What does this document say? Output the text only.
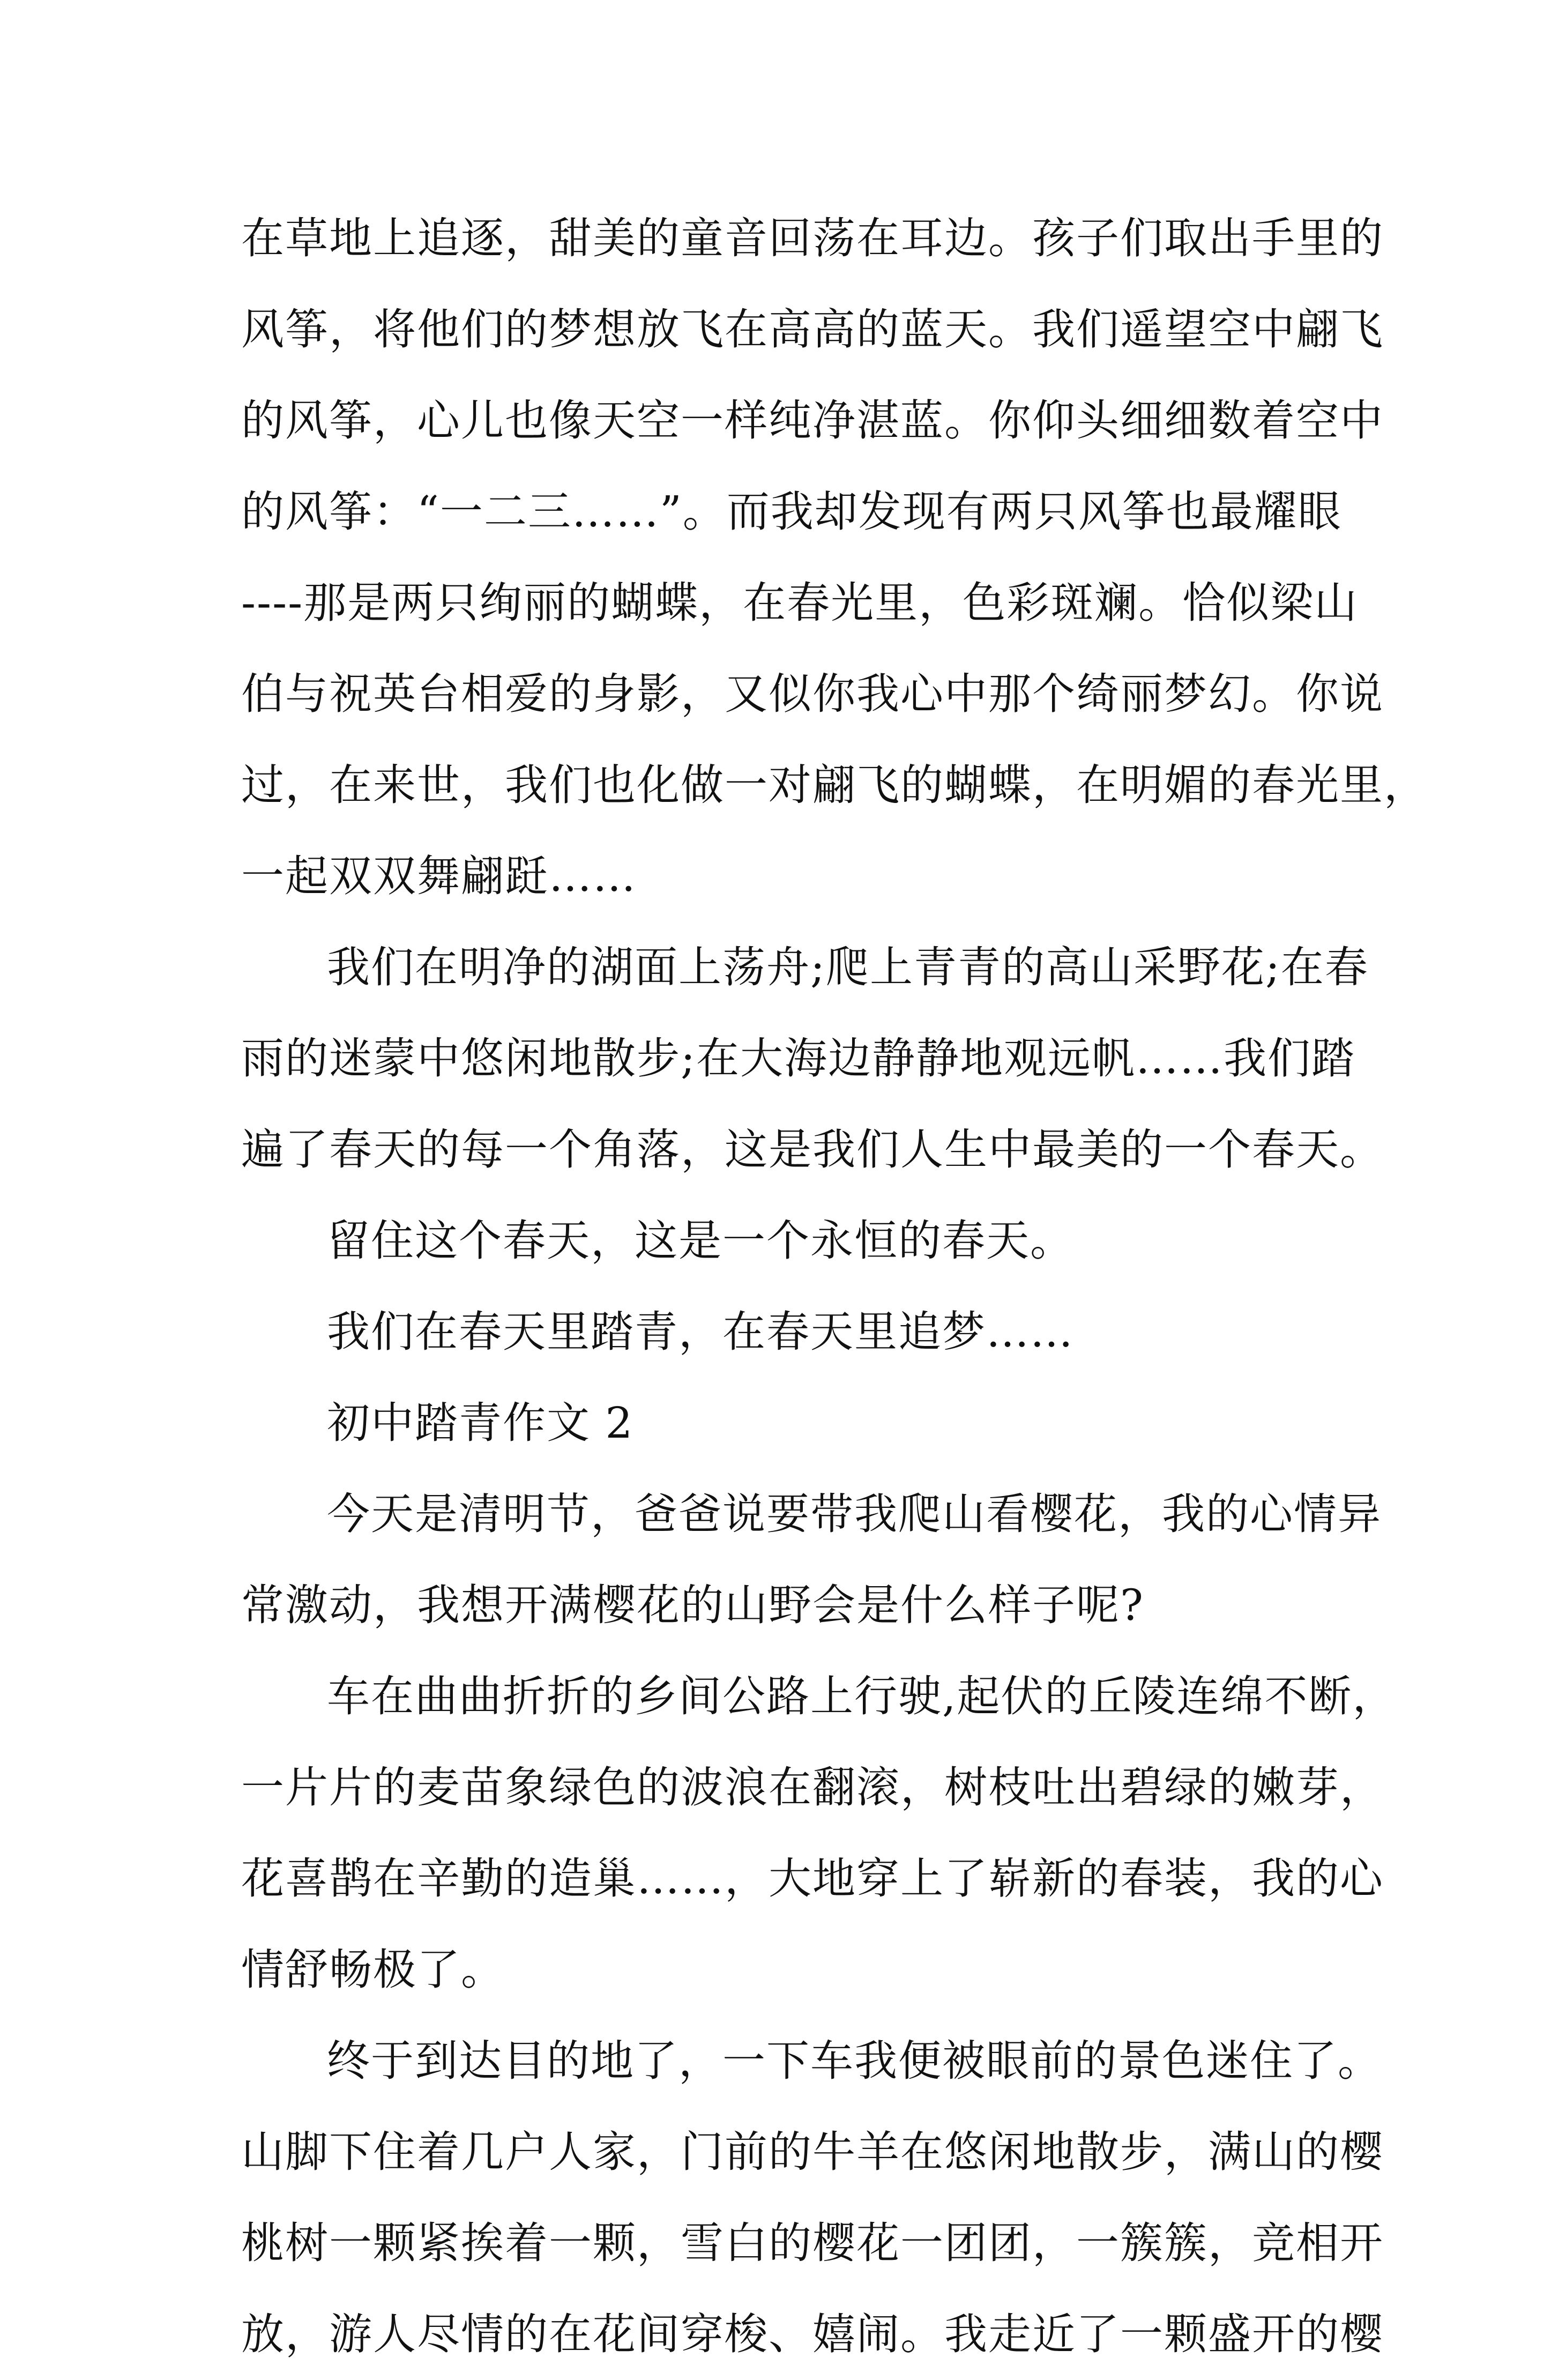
在草地上追逐，甜美的童音回荡在耳边。孩子们取出手里的
风筝，将他们的梦想放飞在高高的蓝天。我们遥望空中翩飞
的风筝，心儿也像天空一样纯净湛蓝。你仰头细细数着空中
的风筝：“一二三……”。而我却发现有两只风筝也最耀眼
----那是两只绚丽的蝴蝶，在春光里，色彩斑斓。恰似梁山
伯与祝英台相爱的身影，又似你我心中那个绮丽梦幻。你说
过，在来世，我们也化做一对翩飞的蝴蝶，在明媚的春光里，
一起双双舞翩跹……
我们在明净的湖面上荡舟;爬上青青的高山采野花;在春
雨的迷蒙中悠闲地散步;在大海边静静地观远帆……我们踏
遍了春天的每一个角落，这是我们人生中最美的一个春天。
留住这个春天，这是一个永恒的春天。
我们在春天里踏青，在春天里追梦……
初中踏青作文 2
今天是清明节，爸爸说要带我爬山看樱花，我的心情异
常激动，我想开满樱花的山野会是什么样子呢?
车在曲曲折折的乡间公路上行驶,起伏的丘陵连绵不断，
一片片的麦苗象绿色的波浪在翻滚，树枝吐出碧绿的嫩芽，
花喜鹊在辛勤的造巢……，大地穿上了崭新的春装，我的心
情舒畅极了。
终于到达目的地了，一下车我便被眼前的景色迷住了。
山脚下住着几户人家，门前的牛羊在悠闲地散步，满山的樱
桃树一颗紧挨着一颗，雪白的樱花一团团，一簇簇，竞相开
放，游人尽情的在花间穿梭、嬉闹。我走近了一颗盛开的樱
